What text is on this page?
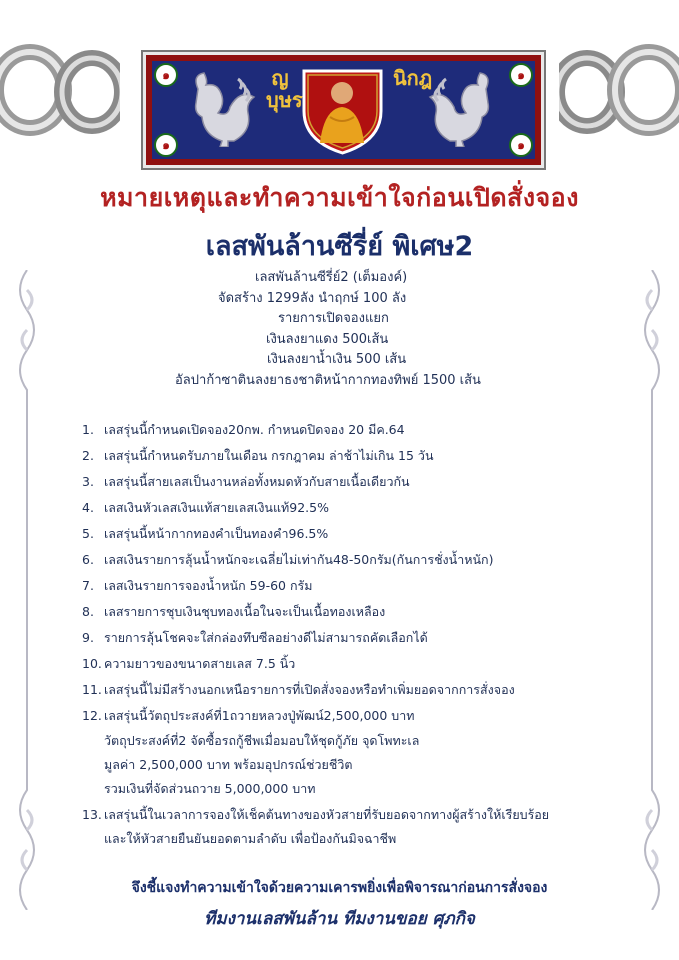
๑	๑
๑	๑
ญบุษร
นิกฎ
หมายเหตุและทำความเข้าใจก่อนเปิดสั่งจอง
เลสพันล้านซีรี่ย์ พิเศษ2
เลสพันล้านซีรี่ย์2 (เต็มองค์)
จัดสร้าง 1299ลัง นำฤกษ์ 100 ลัง
รายการเปิดจองแยก
เงินลงยาแดง 500เส้น
เงินลงยาน้ำเงิน 500 เส้น
อัลปาก้าซาตินลงยาธงชาติหน้ากากทองทิพย์ 1500 เส้น
1. เลสรุ่นนี้กำหนดเปิดจอง20กพ. กำหนดปิดจอง 20 มีค.64
2. เลสรุ่นนี้กำหนดรับภายในเดือน กรกฎาคม ล่าช้าไม่เกิน 15 วัน
3. เลสรุ่นนี้สายเลสเป็นงานหล่อทั้งหมดหัวกับสายเนื้อเดียวกัน
4. เลสเงินหัวเลสเงินแท้สายเลสเงินแท้92.5%
5. เลสรุ่นนี้หน้ากากทองคำเป็นทองคำ96.5%
6. เลสเงินรายการลุ้นน้ำหนักจะเฉลี่ยไม่เท่ากัน48-50กรัม(กันการชั่งน้ำหนัก)
7. เลสเงินรายการจองน้ำหนัก 59-60 กรัม
8. เลสรายการชุบเงินชุบทองเนื้อในจะเป็นเนื้อทองเหลือง
9. รายการลุ้นโชคจะใส่กล่องทึบซีลอย่างดีไม่สามารถคัดเลือกได้
10. ความยาวของขนาดสายเลส 7.5 นิ้ว
11. เลสรุ่นนี้ไม่มีสร้างนอกเหนือรายการที่เปิดสั่งจองหรือทำเพิ่มยอดจากการสั่งจอง
12. เลสรุ่นนี้วัตถุประสงค์ที่1ถวายหลวงปู่พัฒน์2,500,000 บาท
วัตถุประสงค์ที่2 จัดซื้อรถกู้ชีพเมื่อมอบให้ชุดกู้ภัย จุดโพทะเล
มูลค่า 2,500,000 บาท พร้อมอุปกรณ์ช่วยชีวิต
รวมเงินที่จัดส่วนถวาย 5,000,000 บาท
13. เลสรุ่นนี้ในเวลาการจองให้เช็คต้นทางของหัวสายที่รับยอดจากทางผู้สร้างให้เรียบร้อย
และให้หัวสายยืนยันยอดตามลำดับ เพื่อป้องกันมิจฉาชีพ
จึงชี้แจงทำความเข้าใจด้วยความเคารพยิ่งเพื่อพิจารณาก่อนการสั่งจอง
ทีมงานเลสพันล้าน ทีมงานขอย ศุภกิจ
